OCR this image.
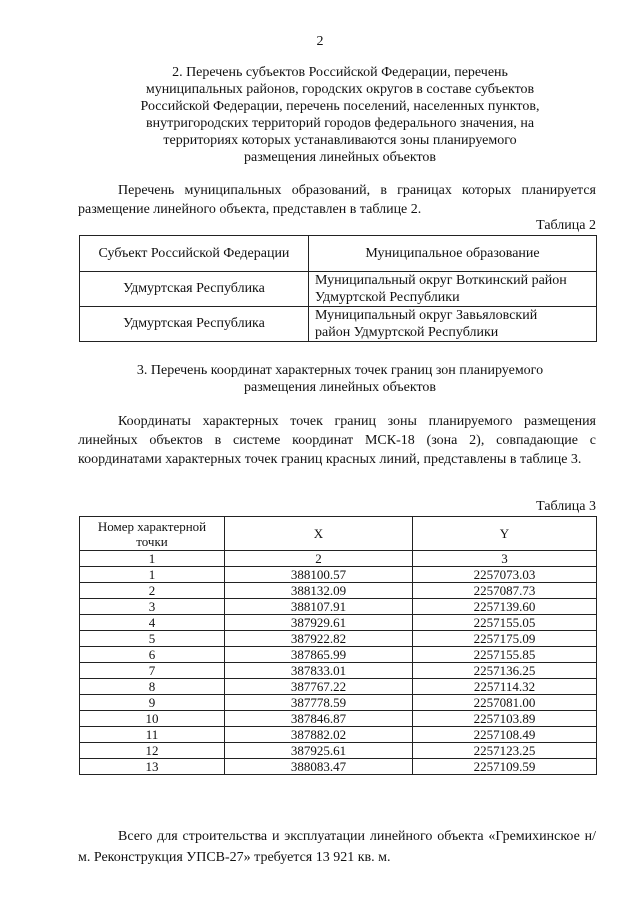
2
2. Перечень субъектов Российской Федерации, перечень
муниципальных районов, городских округов в составе субъектов
Российской Федерации, перечень поселений, населенных пунктов,
внутригородских территорий городов федерального значения, на
территориях которых устанавливаются зоны планируемого
размещения линейных объектов
Перечень муниципальных образований, в границах которых планируется размещение линейного объекта, представлен в таблице 2.
Таблица 2
Субъект Российской Федерации	Муниципальное образование
Удмуртская Республика	Муниципальный округ Воткинский район
Удмуртской Республики

Удмуртская Республика	Муниципальный округ Завьяловский
район Удмуртской Республики
3. Перечень координат характерных точек границ зон планируемого
размещения линейных объектов
Координаты характерных точек границ зоны планируемого размещения линейных объектов в системе координат МСК-18 (зона 2), совпадающие с координатами характерных точек границ красных линий, представлены в таблице 3.
Таблица 3
Номер характерной
точки	X	Y
1	2	3
1	388100.57	2257073.03
2	388132.09	2257087.73
3	388107.91	2257139.60
4	387929.61	2257155.05
5	387922.82	2257175.09
6	387865.99	2257155.85
7	387833.01	2257136.25
8	387767.22	2257114.32
9	387778.59	2257081.00
10	387846.87	2257103.89
11	387882.02	2257108.49
12	387925.61	2257123.25
13	388083.47	2257109.59
Всего для строительства и эксплуатации линейного объекта «Гремихинское н/м. Реконструкция УПСВ-27» требуется 13 921 кв. м.
